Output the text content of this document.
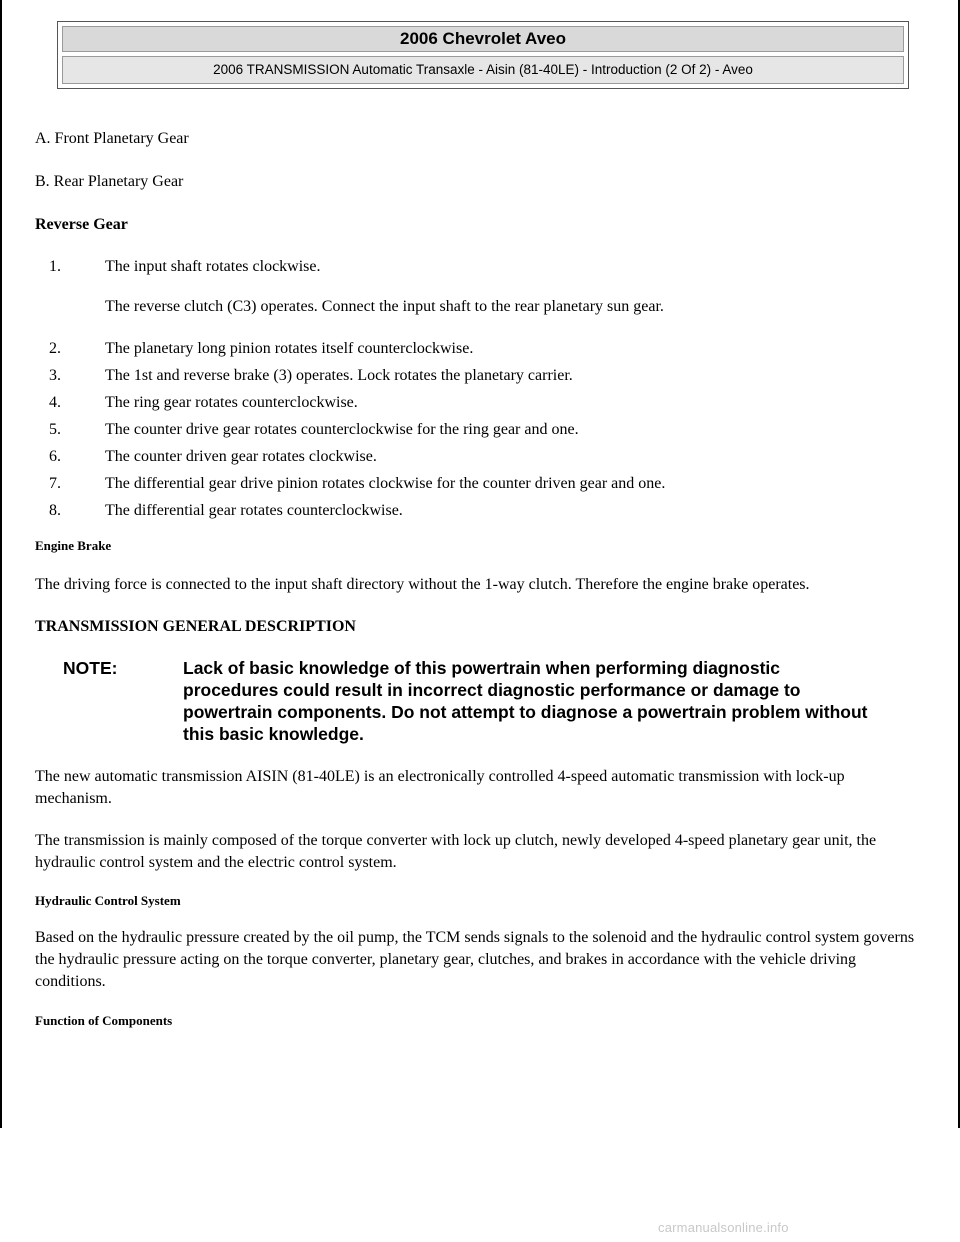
2006 Chevrolet Aveo
2006 TRANSMISSION Automatic Transaxle - Aisin (81-40LE) - Introduction (2 Of 2) - Aveo

A. Front Planetary Gear

B. Rear Planetary Gear

Reverse Gear

1.	The input shaft rotates clockwise.
The reverse clutch (C3) operates. Connect the input shaft to the rear planetary sun gear.
2.	The planetary long pinion rotates itself counterclockwise.
3.	The 1st and reverse brake (3) operates. Lock rotates the planetary carrier.
4.	The ring gear rotates counterclockwise.
5.	The counter drive gear rotates counterclockwise for the ring gear and one.
6.	The counter driven gear rotates clockwise.
7.	The differential gear drive pinion rotates clockwise for the counter driven gear and one.
8.	The differential gear rotates counterclockwise.

Engine Brake

The driving force is connected to the input shaft directory without the 1-way clutch. Therefore the engine brake operates.

TRANSMISSION GENERAL DESCRIPTION

NOTE:	Lack of basic knowledge of this powertrain when performing diagnostic procedures could result in incorrect diagnostic performance or damage to powertrain components. Do not attempt to diagnose a powertrain problem without this basic knowledge.

The new automatic transmission AISIN (81-40LE) is an electronically controlled 4-speed automatic transmission with lock-up mechanism.

The transmission is mainly composed of the torque converter with lock up clutch, newly developed 4-speed planetary gear unit, the hydraulic control system and the electric control system.

Hydraulic Control System

Based on the hydraulic pressure created by the oil pump, the TCM sends signals to the solenoid and the hydraulic control system governs the hydraulic pressure acting on the torque converter, planetary gear, clutches, and brakes in accordance with the vehicle driving conditions.

Function of Components

carmanualsonline.info
